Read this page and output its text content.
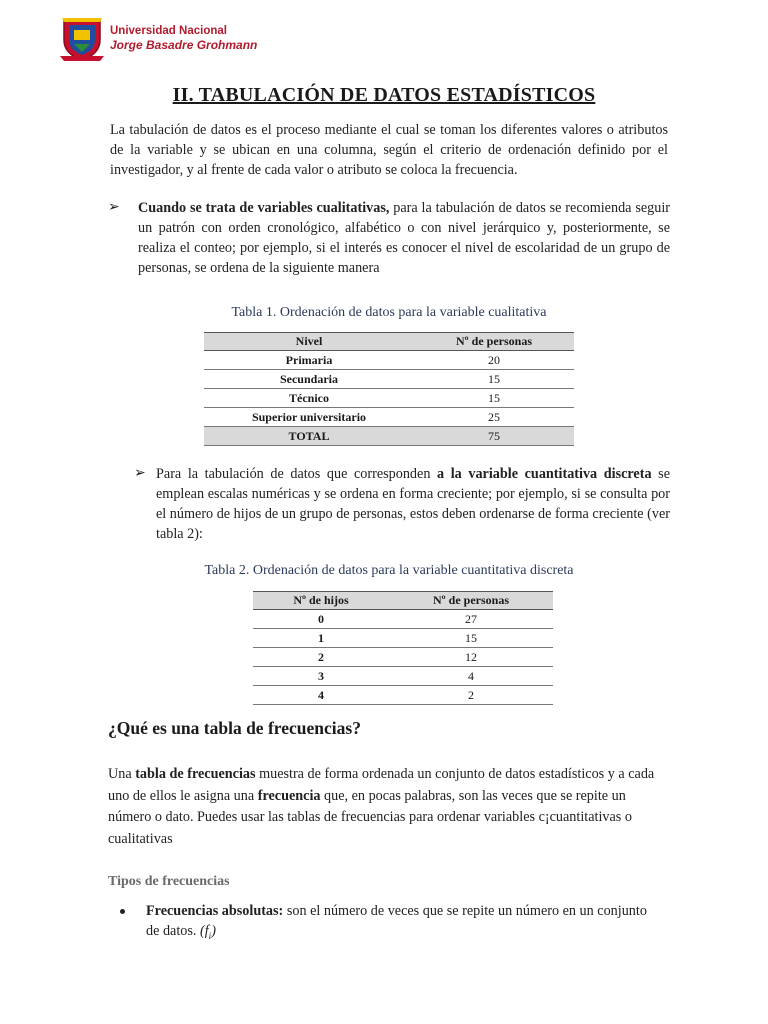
Universidad Nacional
Jorge Basadre Grohmann
II. TABULACIÓN DE DATOS ESTADÍSTICOS
La tabulación de datos es el proceso mediante el cual se toman los diferentes valores o atributos de la variable y se ubican en una columna, según el criterio de ordenación definido por el investigador, y al frente de cada valor o atributo se coloca la frecuencia.
➢ Cuando se trata de variables cualitativas, para la tabulación de datos se recomienda seguir un patrón con orden cronológico, alfabético o con nivel jerárquico y, posteriormente, se realiza el conteo; por ejemplo, si el interés es conocer el nivel de escolaridad de un grupo de personas, se ordena de la siguiente manera
Tabla 1. Ordenación de datos para la variable cualitativa
Nivel	Nº de personas
Primaria	20
Secundaria	15
Técnico	15
Superior universitario	25
TOTAL	75
➢ Para la tabulación de datos que corresponden a la variable cuantitativa discreta se emplean escalas numéricas y se ordena en forma creciente; por ejemplo, si se consulta por el número de hijos de un grupo de personas, estos deben ordenarse de forma creciente (ver tabla 2):
Tabla 2. Ordenación de datos para la variable cuantitativa discreta
Nº de hijos	Nº de personas
0	27
1	15
2	12
3	4
4	2
¿Qué es una tabla de frecuencias?
Una tabla de frecuencias muestra de forma ordenada un conjunto de datos estadísticos y a cada uno de ellos le asigna una frecuencia que, en pocas palabras, son las veces que se repite un número o dato. Puedes usar las tablas de frecuencias para ordenar variables c¡cuantitativas o cualitativas
Tipos de frecuencias
Frecuencias absolutas: son el número de veces que se repite un número en un conjunto de datos. $(f_i)$
